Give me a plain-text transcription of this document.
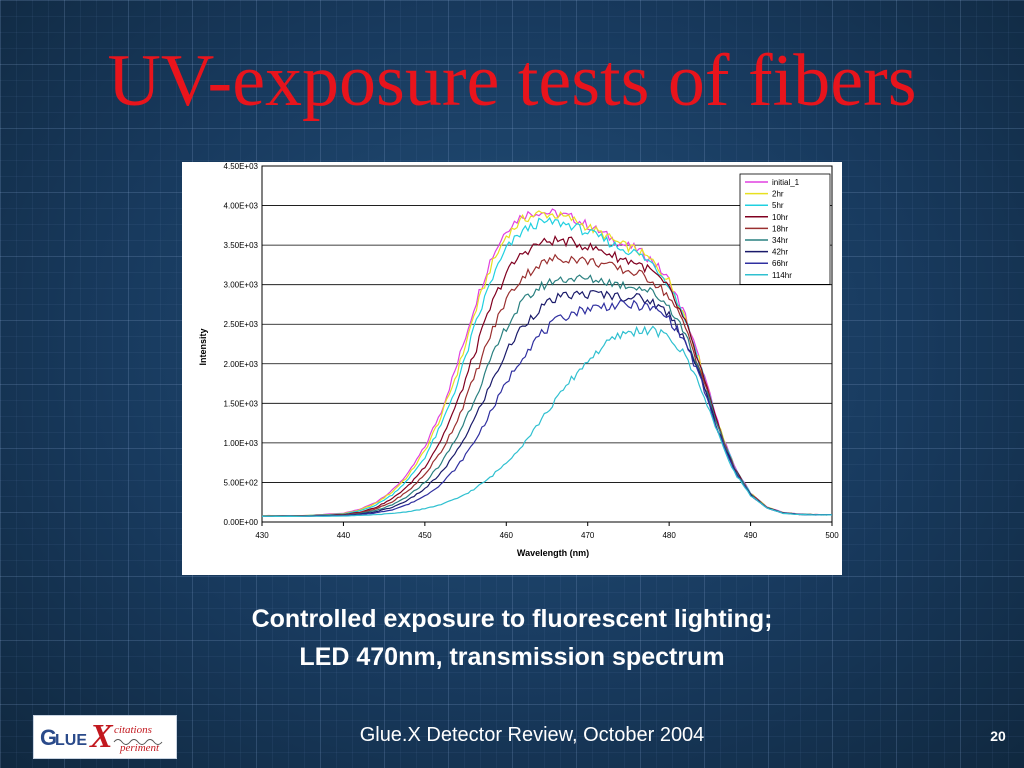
UV-exposure tests of fibers
0.00E+00
5.00E+02
1.00E+03
1.50E+03
2.00E+03
2.50E+03
3.00E+03
3.50E+03
4.00E+03
4.50E+03
430	440	450	460	470	480	490	500
initial_1
2hr
5hr
10hr
18hr
34hr
42hr
66hr
114hr
Wavelength (nm)
Intensity
Controlled exposure to fluorescent lighting;
LED 470nm, transmission spectrum
G
LUE X citations
periment
Glue.X Detector Review, October 2004	20
